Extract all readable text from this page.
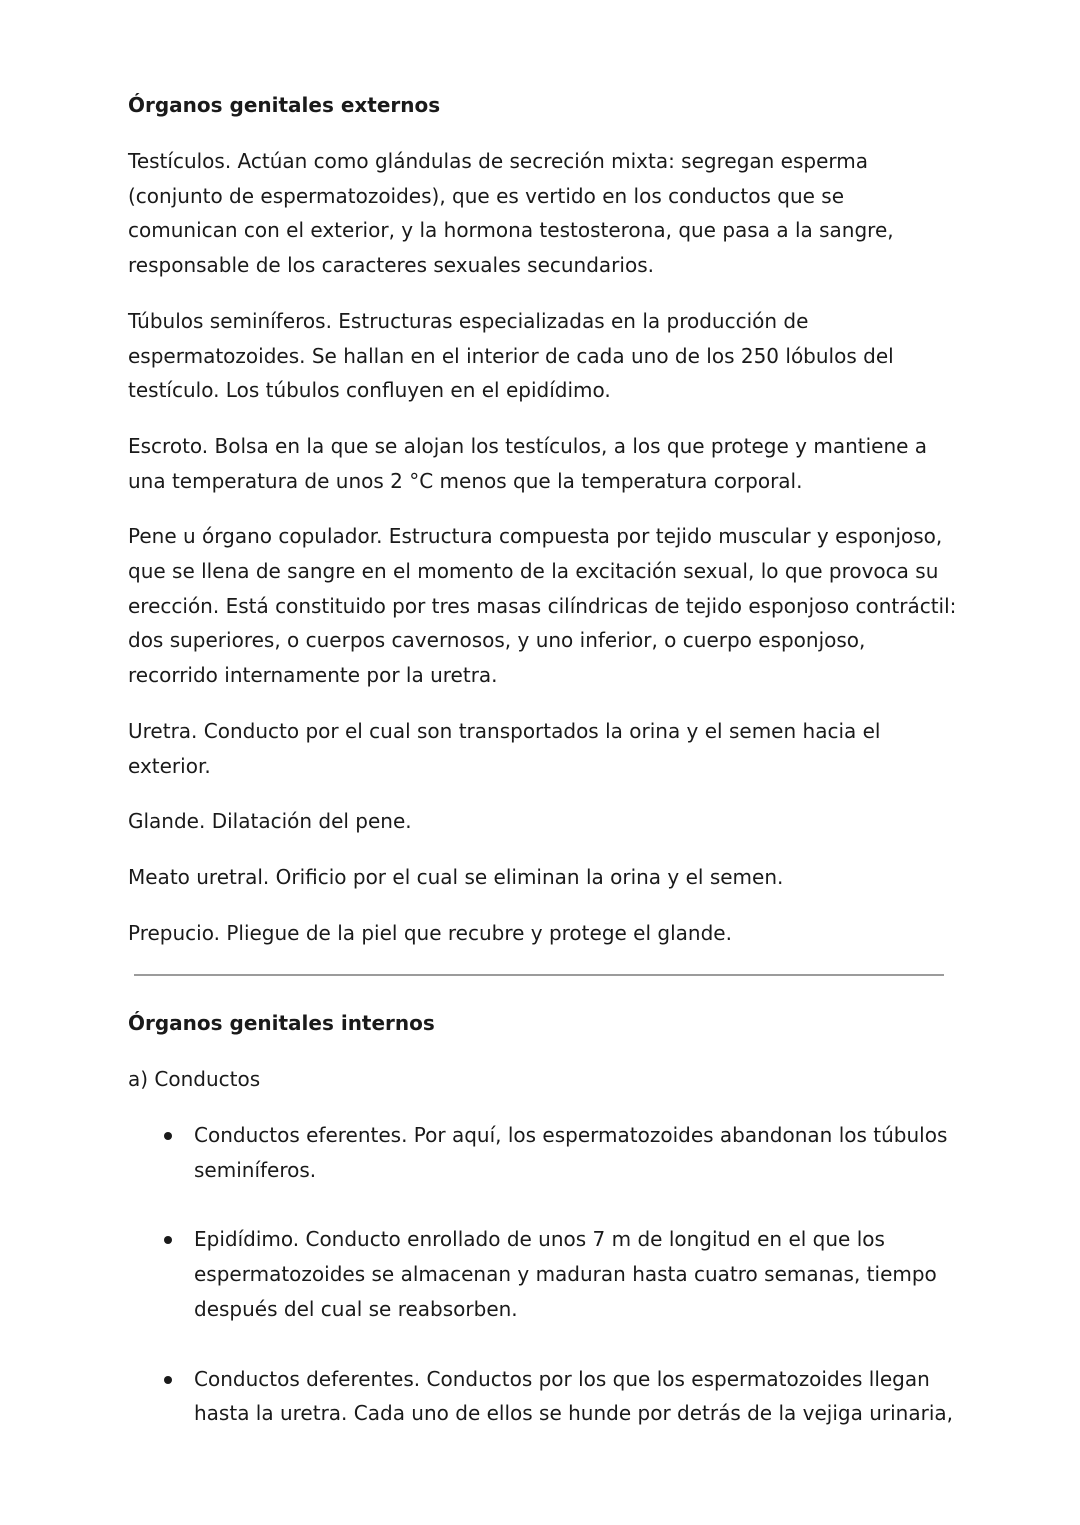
Órganos genitales externos

Testículos. Actúan como glándulas de secreción mixta: segregan esperma (conjunto de espermatozoides), que es vertido en los conductos que se comunican con el exterior, y la hormona testosterona, que pasa a la sangre, responsable de los caracteres sexuales secundarios.

Túbulos seminíferos. Estructuras especializadas en la producción de espermatozoides. Se hallan en el interior de cada uno de los 250 lóbulos del testículo. Los túbulos confluyen en el epidídimo.

Escroto. Bolsa en la que se alojan los testículos, a los que protege y mantiene a una temperatura de unos 2 °C menos que la temperatura corporal.

Pene u órgano copulador. Estructura compuesta por tejido muscular y esponjoso, que se llena de sangre en el momento de la excitación sexual, lo que provoca su erección. Está constituido por tres masas cilíndricas de tejido esponjoso contráctil: dos superiores, o cuerpos cavernosos, y uno inferior, o cuerpo esponjoso, recorrido internamente por la uretra.

Uretra. Conducto por el cual son transportados la orina y el semen hacia el exterior.

Glande. Dilatación del pene.

Meato uretral. Orificio por el cual se eliminan la orina y el semen.

Prepucio. Pliegue de la piel que recubre y protege el glande.

Órganos genitales internos

a) Conductos

Conductos eferentes. Por aquí, los espermatozoides abandonan los túbulos seminíferos.
Epidídimo. Conducto enrollado de unos 7 m de longitud en el que los espermatozoides se almacenan y maduran hasta cuatro semanas, tiempo después del cual se reabsorben.
Conductos deferentes. Conductos por los que los espermatozoides llegan hasta la uretra. Cada uno de ellos se hunde por detrás de la vejiga urinaria,
